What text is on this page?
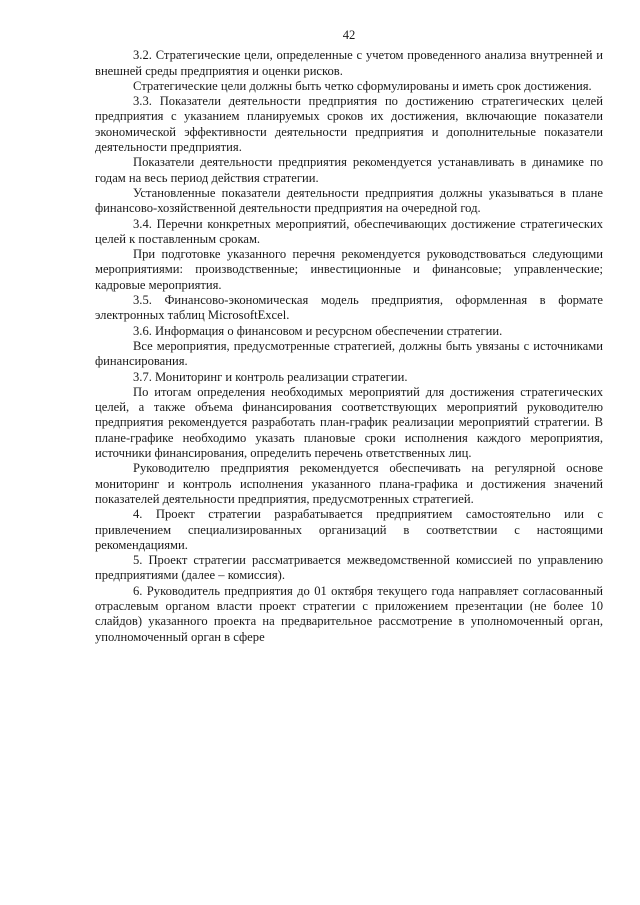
42

3.2. Стратегические цели, определенные с учетом проведенного анализа внутренней и внешней среды предприятия и оценки рисков.

Стратегические цели должны быть четко сформулированы и иметь срок достижения.

3.3. Показатели деятельности предприятия по достижению стратегических целей предприятия с указанием планируемых сроков их достижения, включающие показатели экономической эффективности деятельности предприятия и дополнительные показатели деятельности предприятия.

Показатели деятельности предприятия рекомендуется устанавливать в динамике по годам на весь период действия стратегии.

Установленные показатели деятельности предприятия должны указываться в плане финансово-хозяйственной деятельности предприятия на очередной год.

3.4. Перечни конкретных мероприятий, обеспечивающих достижение стратегических целей к поставленным срокам.

При подготовке указанного перечня рекомендуется руководствоваться следующими мероприятиями: производственные; инвестиционные и финансовые; управленческие; кадровые мероприятия.

3.5. Финансово-экономическая модель предприятия, оформленная в формате электронных таблиц MicrosoftExcel.

3.6. Информация о финансовом и ресурсном обеспечении стратегии.

Все мероприятия, предусмотренные стратегией, должны быть увязаны с источниками финансирования.

3.7. Мониторинг и контроль реализации стратегии.

По итогам определения необходимых мероприятий для достижения стратегических целей, а также объема финансирования соответствующих мероприятий руководителю предприятия рекомендуется разработать план-график реализации мероприятий стратегии. В плане-графике необходимо указать плановые сроки исполнения каждого мероприятия, источники финансирования, определить перечень ответственных лиц.

Руководителю предприятия рекомендуется обеспечивать на регулярной основе мониторинг и контроль исполнения указанного плана-графика и достижения значений показателей деятельности предприятия, предусмотренных стратегией.

4. Проект стратегии разрабатывается предприятием самостоятельно или с привлечением специализированных организаций в соответствии с настоящими рекомендациями.

5. Проект стратегии рассматривается межведомственной комиссией по управлению предприятиями (далее – комиссия).

6. Руководитель предприятия до 01 октября текущего года направляет согласованный отраслевым органом власти проект стратегии с приложением презентации (не более 10 слайдов) указанного проекта на предварительное рассмотрение в уполномоченный орган, уполномоченный орган в сфере
